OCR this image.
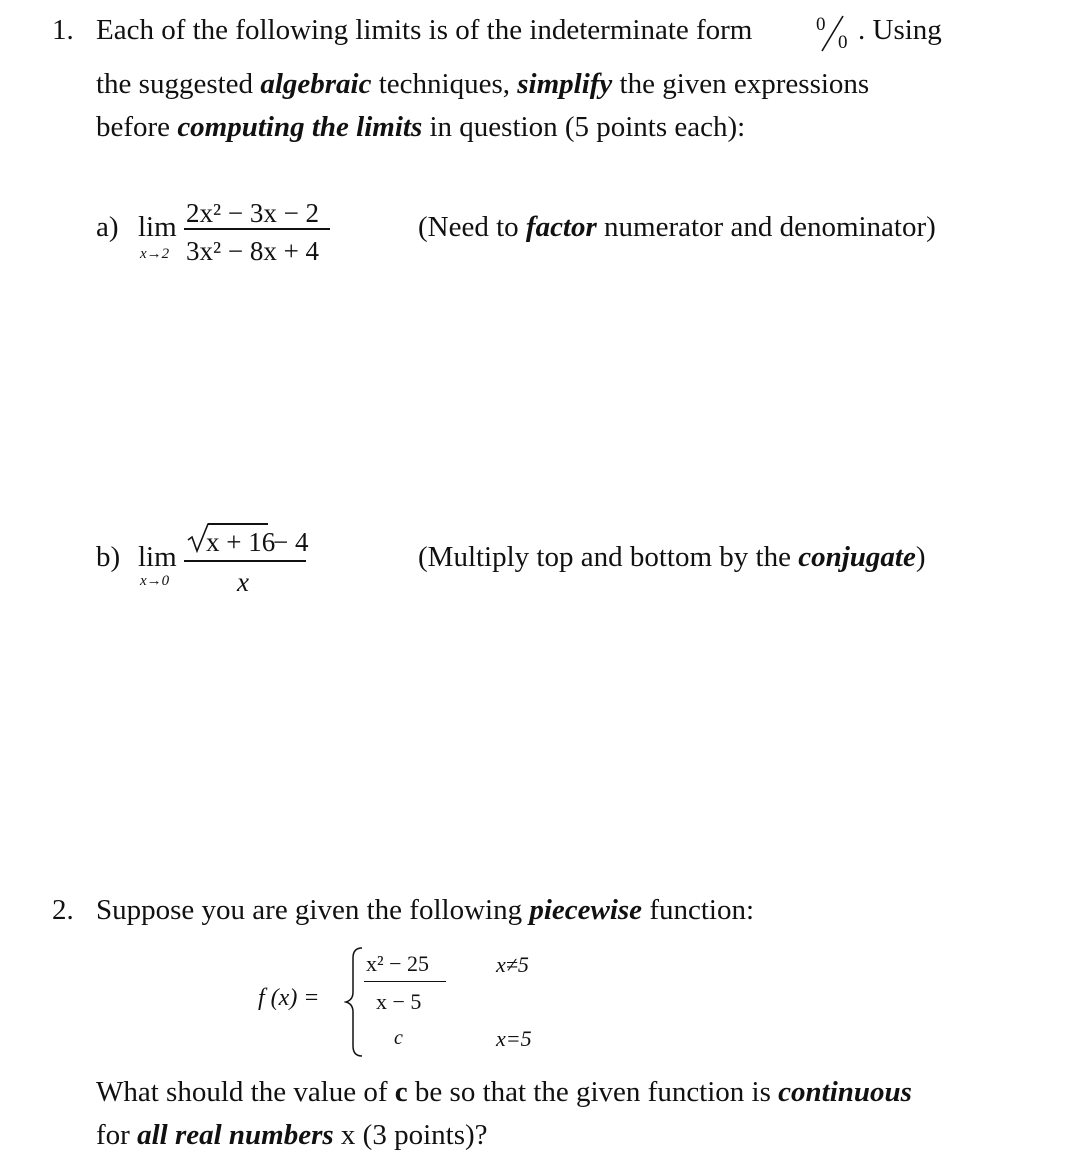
1. Each of the following limits is of the indeterminate form	0
0 . Using
the suggested algebraic techniques, simplify the given expressions
before computing the limits in question (5 points each):
a) lim
x→2
2x² − 3x − 2
3x² − 8x + 4
(Need to factor numerator and denominator)
b) lim
x→0
x + 16
− 4
x
(Multiply top and bottom by the conjugate)
2. Suppose you are given the following piecewise function:
f (x) =
x² − 25
x − 5
x≠5
c	x=5
What should the value of c be so that the given function is continuous
for all real numbers x (3 points)?
